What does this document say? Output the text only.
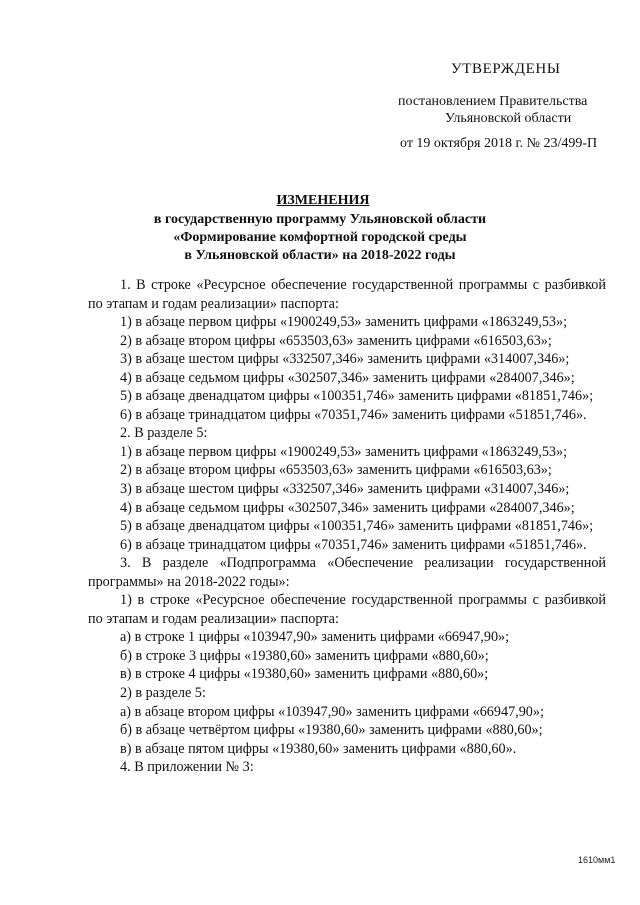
УТВЕРЖДЕНЫ
постановлением Правительства
Ульяновской области
от 19 октября 2018 г. № 23/499-П
ИЗМЕНЕНИЯ
в государственную программу Ульяновской области
«Формирование комфортной городской среды
в Ульяновской области» на 2018-2022 годы
1. В строке «Ресурсное обеспечение государственной программы с разбивкой по этапам и годам реализации» паспорта:
1) в абзаце первом цифры «1900249,53» заменить цифрами «1863249,53»;
2) в абзаце втором цифры «653503,63» заменить цифрами «616503,63»;
3) в абзаце шестом цифры «332507,346» заменить цифрами «314007,346»;
4) в абзаце седьмом цифры «302507,346» заменить цифрами «284007,346»;
5) в абзаце двенадцатом цифры «100351,746» заменить цифрами «81851,746»;
6) в абзаце тринадцатом цифры «70351,746» заменить цифрами «51851,746».
2. В разделе 5:
1) в абзаце первом цифры «1900249,53» заменить цифрами «1863249,53»;
2) в абзаце втором цифры «653503,63» заменить цифрами «616503,63»;
3) в абзаце шестом цифры «332507,346» заменить цифрами «314007,346»;
4) в абзаце седьмом цифры «302507,346» заменить цифрами «284007,346»;
5) в абзаце двенадцатом цифры «100351,746» заменить цифрами «81851,746»;
6) в абзаце тринадцатом цифры «70351,746» заменить цифрами «51851,746».
3. В разделе «Подпрограмма «Обеспечение реализации государственной программы» на 2018-2022 годы»:
1) в строке «Ресурсное обеспечение государственной программы с разбивкой по этапам и годам реализации» паспорта:
а) в строке 1 цифры «103947,90» заменить цифрами «66947,90»;
б) в строке 3 цифры «19380,60» заменить цифрами «880,60»;
в) в строке 4 цифры «19380,60» заменить цифрами «880,60»;
2) в разделе 5:
а) в абзаце втором цифры «103947,90» заменить цифрами «66947,90»;
б) в абзаце четвёртом цифры «19380,60» заменить цифрами «880,60»;
в) в абзаце пятом цифры «19380,60» заменить цифрами «880,60».
4. В приложении № 3:
1610мм1
